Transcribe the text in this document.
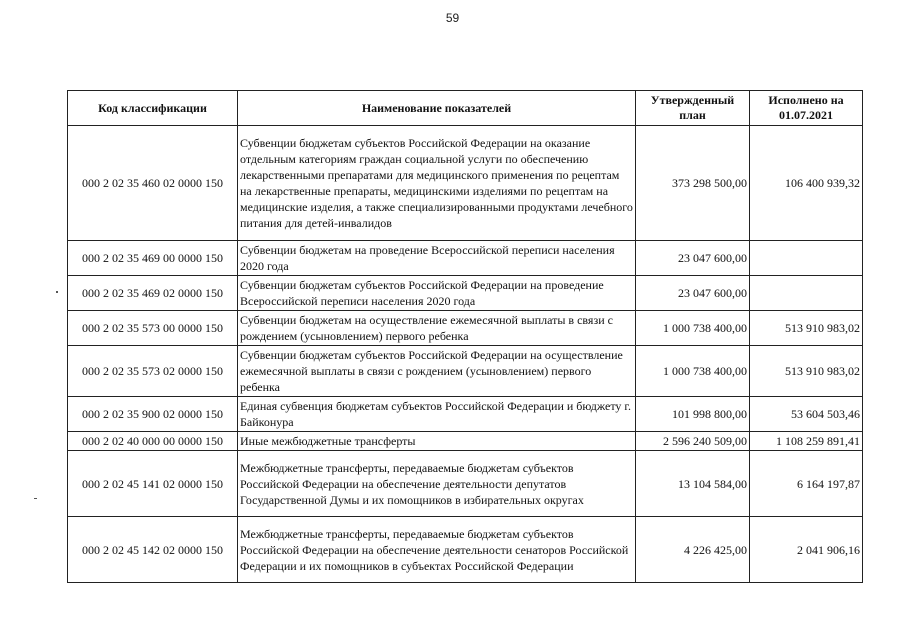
59
Код классификации	Наименование показателей	Утвержденный план	Исполнено на 01.07.2021
000 2 02 35 460 02 0000 150	Субвенции бюджетам субъектов Российской Федерации на оказание отдельным категориям граждан социальной услуги по обеспечению лекарственными препаратами для медицинского применения по рецептам на лекарственные препараты, медицинскими изделиями по рецептам на медицинские изделия, а также специализированными продуктами лечебного питания для детей-инвалидов	373 298 500,00	106 400 939,32
000 2 02 35 469 00 0000 150	Субвенции бюджетам на проведение Всероссийской переписи населения 2020 года	23 047 600,00	
000 2 02 35 469 02 0000 150	Субвенции бюджетам субъектов Российской Федерации на проведение Всероссийской переписи населения 2020 года	23 047 600,00	
000 2 02 35 573 00 0000 150	Субвенции бюджетам на осуществление ежемесячной выплаты в связи с рождением (усыновлением) первого ребенка	1 000 738 400,00	513 910 983,02
000 2 02 35 573 02 0000 150	Субвенции бюджетам субъектов Российской Федерации на осуществление ежемесячной выплаты в связи с рождением (усыновлением) первого ребенка	1 000 738 400,00	513 910 983,02
000 2 02 35 900 02 0000 150	Единая субвенция бюджетам субъектов Российской Федерации и бюджету г. Байконура	101 998 800,00	53 604 503,46
000 2 02 40 000 00 0000 150	Иные межбюджетные трансферты	2 596 240 509,00	1 108 259 891,41
000 2 02 45 141 02 0000 150	Межбюджетные трансферты, передаваемые бюджетам субъектов Российской Федерации на обеспечение деятельности депутатов Государственной Думы и их помощников в избирательных округах	13 104 584,00	6 164 197,87
000 2 02 45 142 02 0000 150	Межбюджетные трансферты, передаваемые бюджетам субъектов Российской Федерации на обеспечение деятельности сенаторов Российской Федерации и их помощников в субъектах Российской Федерации	4 226 425,00	2 041 906,16
